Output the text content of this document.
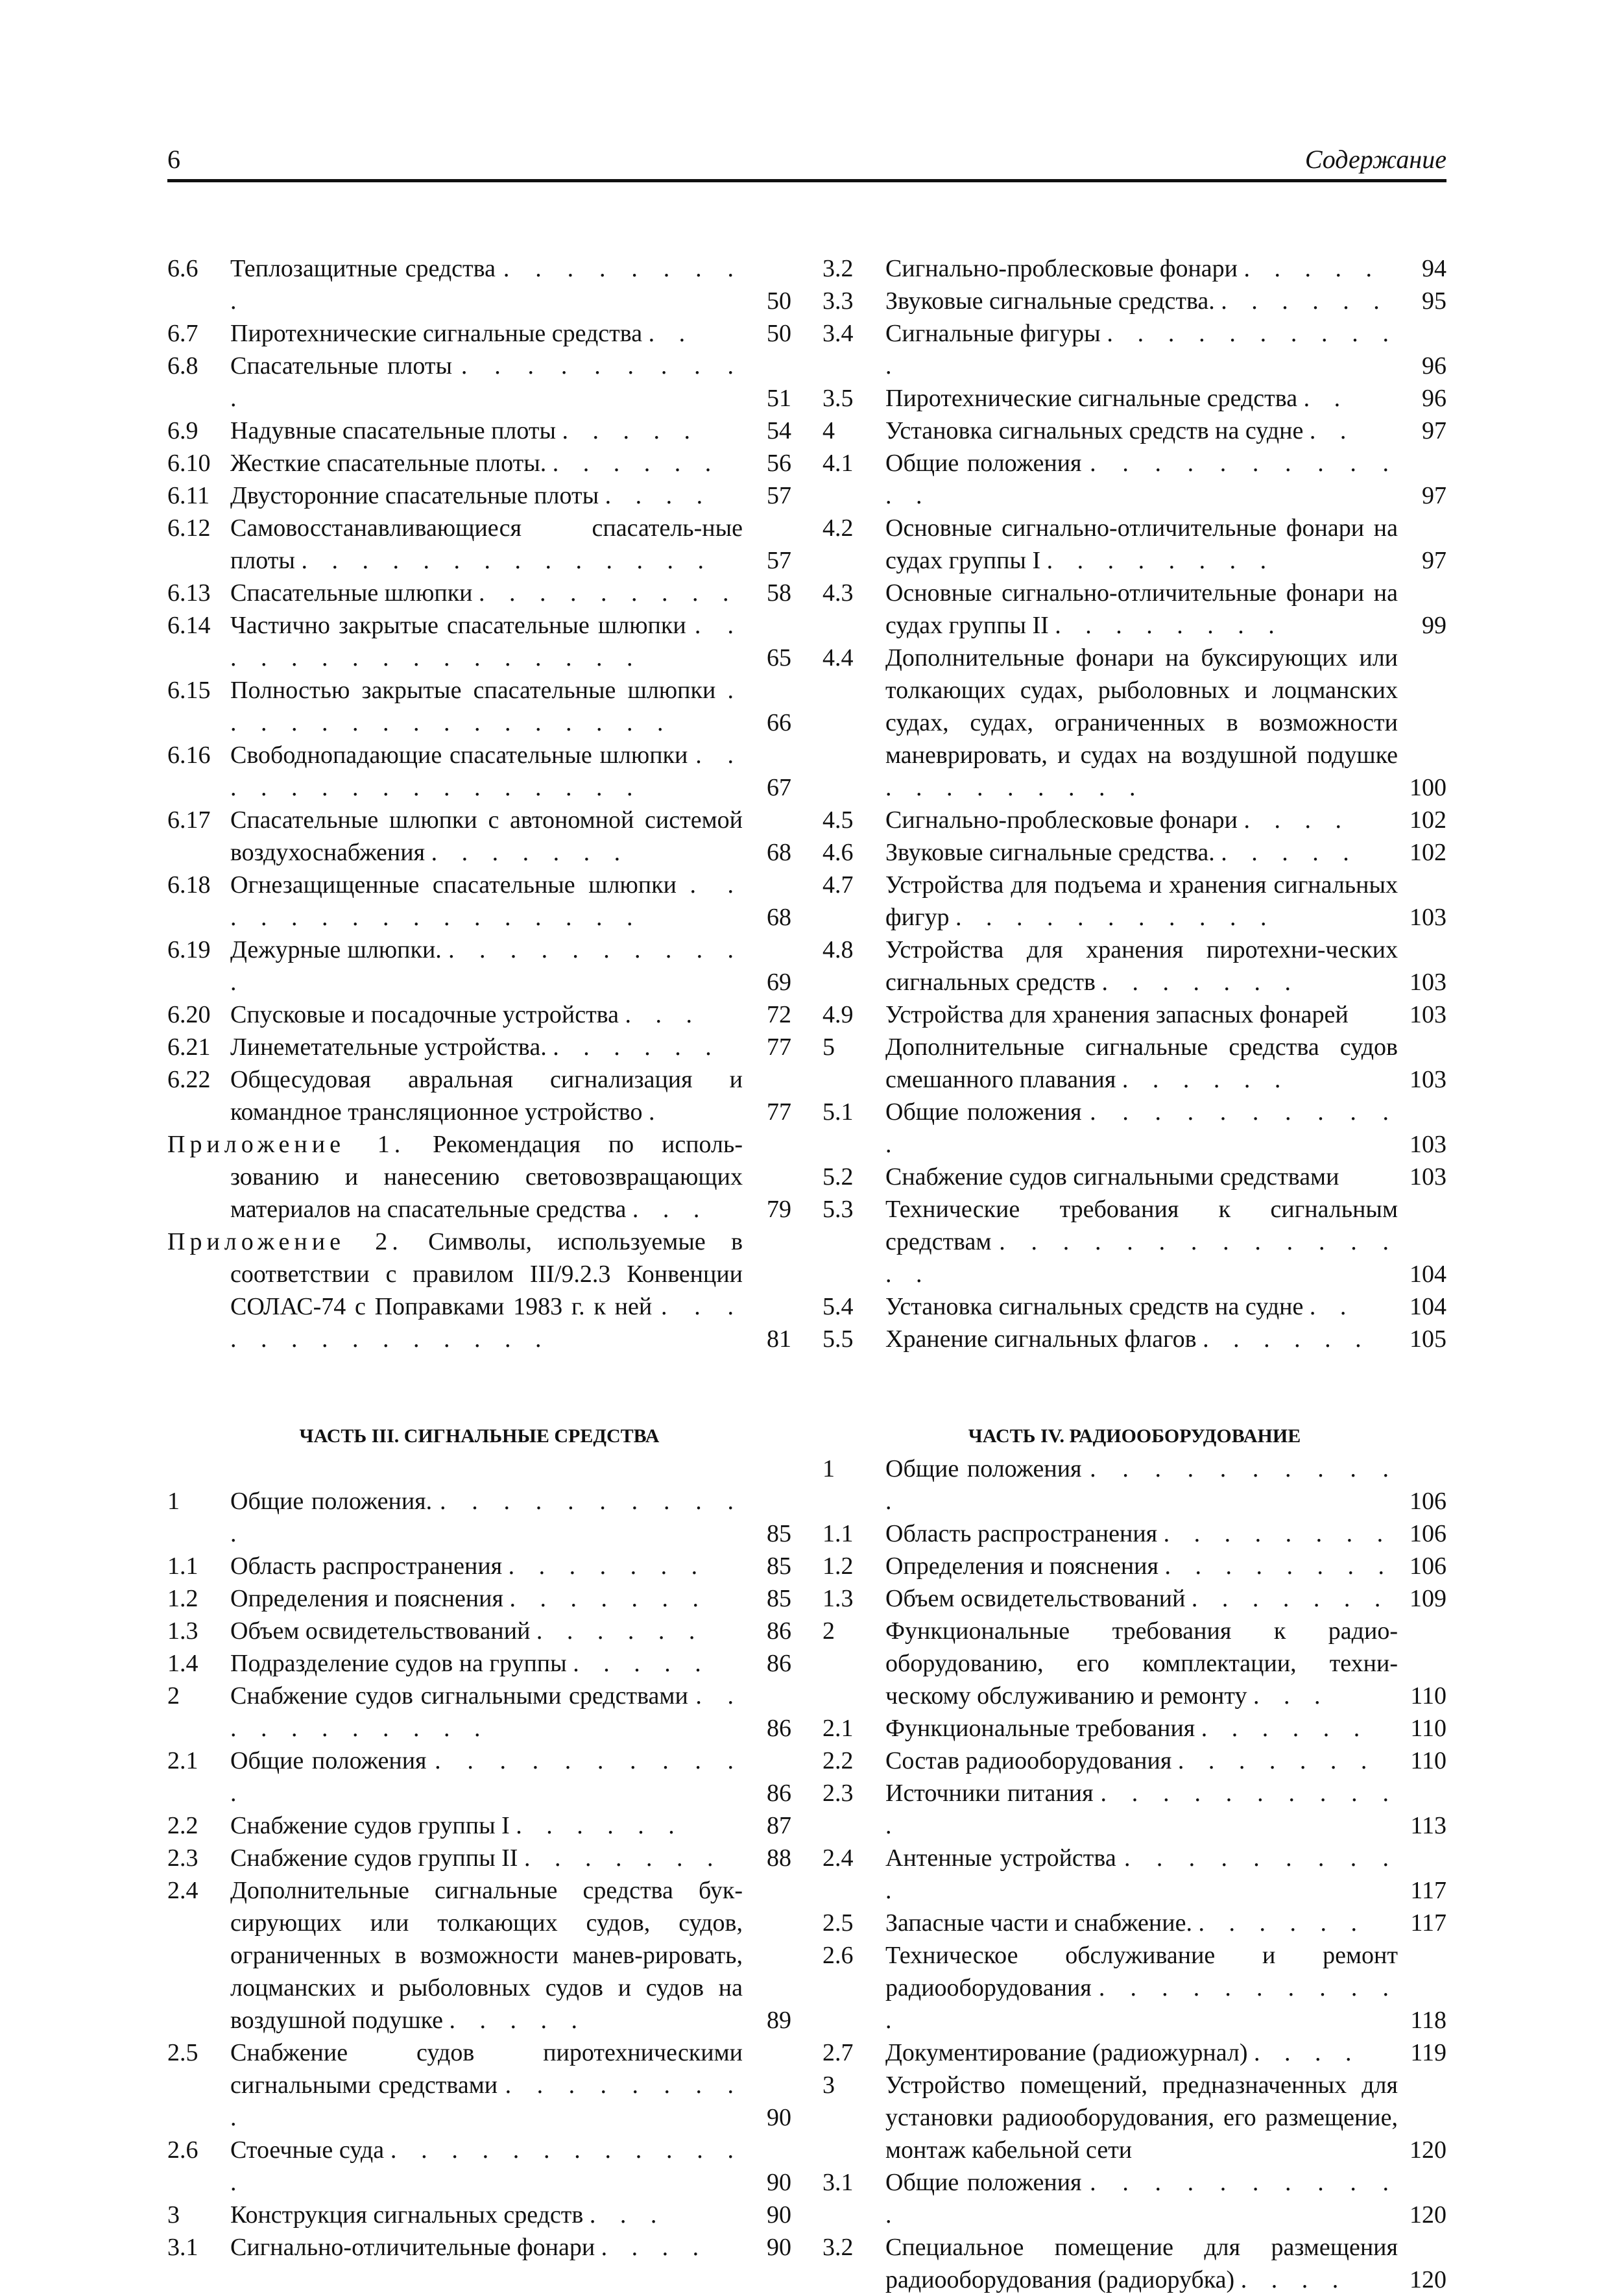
6	Содержание
6.6 Теплозащитные средства . . . . . . . . .	50
6.7 Пиротехнические сигнальные средства . .	50
6.8 Спасательные плоты . . . . . . . . . .	51
6.9 Надувные спасательные плоты . . . . .	54
6.10 Жесткие спасательные плоты. . . . . . .	56
6.11 Двусторонние спасательные плоты . . . .	57
6.12 Самовосстанавливающиеся спасатель-ные плоты . . . . . . . . . . . . . .	57
6.13 Спасательные шлюпки . . . . . . . . . 58
6.14 Частично закрытые спасательные шлюпки . . . . . . . . . . . . . . . .	65
6.15 Полностью закрытые спасательные шлюпки . . . . . . . . . . . . . . . .	66
6.16 Свободнопадающие спасательные шлюпки . . . . . . . . . . . . . . . .	67
6.17 Спасательные шлюпки с автономной системой воздухоснабжения . . . . . . .	68
6.18 Огнезащищенные спасательные шлюпки . . . . . . . . . . . . . . . .	68
6.19 Дежурные шлюпки. . . . . . . . . . . .	69
6.20 Спусковые и посадочные устройства . . .	72
6.21 Линеметательные устройства. . . . . . .	77
6.22 Общесудовая авральная сигнализация и командное трансляционное устройство .	77
Приложение 1. Рекомендация по исполь-зованию и нанесению световозвращающих материалов на спасательные средства . . .	79
Приложение 2. Символы, используемые в соответствии с правилом III/9.2.3 Конвенции СОЛАС-74 с Поправками 1983 г. к ней . . . . . . . . . . . . . .	81
ЧАСТЬ III. СИГНАЛЬНЫЕ СРЕДСТВА
1 Общие положения. . . . . . . . . . . .	85
1.1 Область распространения . . . . . . .	85
1.2 Определения и пояснения . . . . . . .	85
1.3 Объем освидетельствований . . . . . .	86
1.4 Подразделение судов на группы . . . . .	86
2 Снабжение судов сигнальными средствами . . . . . . . . . . .	86
2.1 Общие положения . . . . . . . . . . .	86
2.2 Снабжение судов группы I . . . . . .	87
2.3 Снабжение судов группы II . . . . . . .	88
2.4 Дополнительные сигнальные средства бук-сирующих или толкающих судов, судов, ограниченных в возможности манев-рировать, лоцманских и рыболовных судов и судов на воздушной подушке . . . . .	89
2.5 Снабжение судов пиротехническими сигнальными средствами . . . . . . . . .	90
2.6 Стоечные суда . . . . . . . . . . . . .	90
3 Конструкция сигнальных средств . . .	90
3.1 Сигнально-отличительные фонари . . . .	90
3.2 Сигнально-проблесковые фонари . . . . .	94
3.3 Звуковые сигнальные средства. . . . . . .	95
3.4 Сигнальные фигуры . . . . . . . . . . .	96
3.5 Пиротехнические сигнальные средства . .	96
4 Установка сигнальных средств на судне . .	97
4.1 Общие положения . . . . . . . . . . . .	97
4.2 Основные сигнально-отличительные фонари на судах группы I . . . . . . . .	97
4.3 Основные сигнально-отличительные фонари на судах группы II . . . . . . . .	99
4.4 Дополнительные фонари на буксирующих или толкающих судах, рыболовных и лоцманских судах, судах, ограниченных в возможности маневрировать, и судах на воздушной подушке . . . . . . . . .	100
4.5 Сигнально-проблесковые фонари . . . .	102
4.6 Звуковые сигнальные средства. . . . . .	102
4.7 Устройства для подъема и хранения сигнальных фигур . . . . . . . . . . .	103
4.8 Устройства для хранения пиротехни-ческих сигнальных средств . . . . . . .	103
4.9 Устройства для хранения запасных фонарей	103
5 Дополнительные сигнальные средства судов смешанного плавания . . . . . .	103
5.1 Общие положения . . . . . . . . . . .	103
5.2 Снабжение судов сигнальными средствами	103
5.3 Технические требования к сигнальным средствам . . . . . . . . . . . . . . .	104
5.4 Установка сигнальных средств на судне . .	104
5.5 Хранение сигнальных флагов . . . . . .	105
ЧАСТЬ IV. РАДИООБОРУДОВАНИЕ
1 Общие положения . . . . . . . . . . .	106
1.1 Область распространения . . . . . . . . 106
1.2 Определения и пояснения . . . . . . . . 106
1.3 Объем освидетельствований . . . . . . . 109
2 Функциональные требования к радио-оборудованию, его комплектации, техни-ческому обслуживанию и ремонту . . .	110
2.1 Функциональные требования . . . . . .	110
2.2 Состав радиооборудования . . . . . . .	110
2.3 Источники питания . . . . . . . . . . .	113
2.4 Антенные устройства . . . . . . . . . .	117
2.5 Запасные части и снабжение. . . . . . .	117
2.6 Техническое обслуживание и ремонт радиооборудования . . . . . . . . . . .	118
2.7 Документирование (радиожурнал) . . . .	119
3 Устройство помещений, предназначенных для установки радиооборудования, его размещение, монтаж кабельной сети	120
3.1 Общие положения . . . . . . . . . . .	120
3.2 Специальное помещение для размещения радиооборудования (радиорубка) . . . .	120
